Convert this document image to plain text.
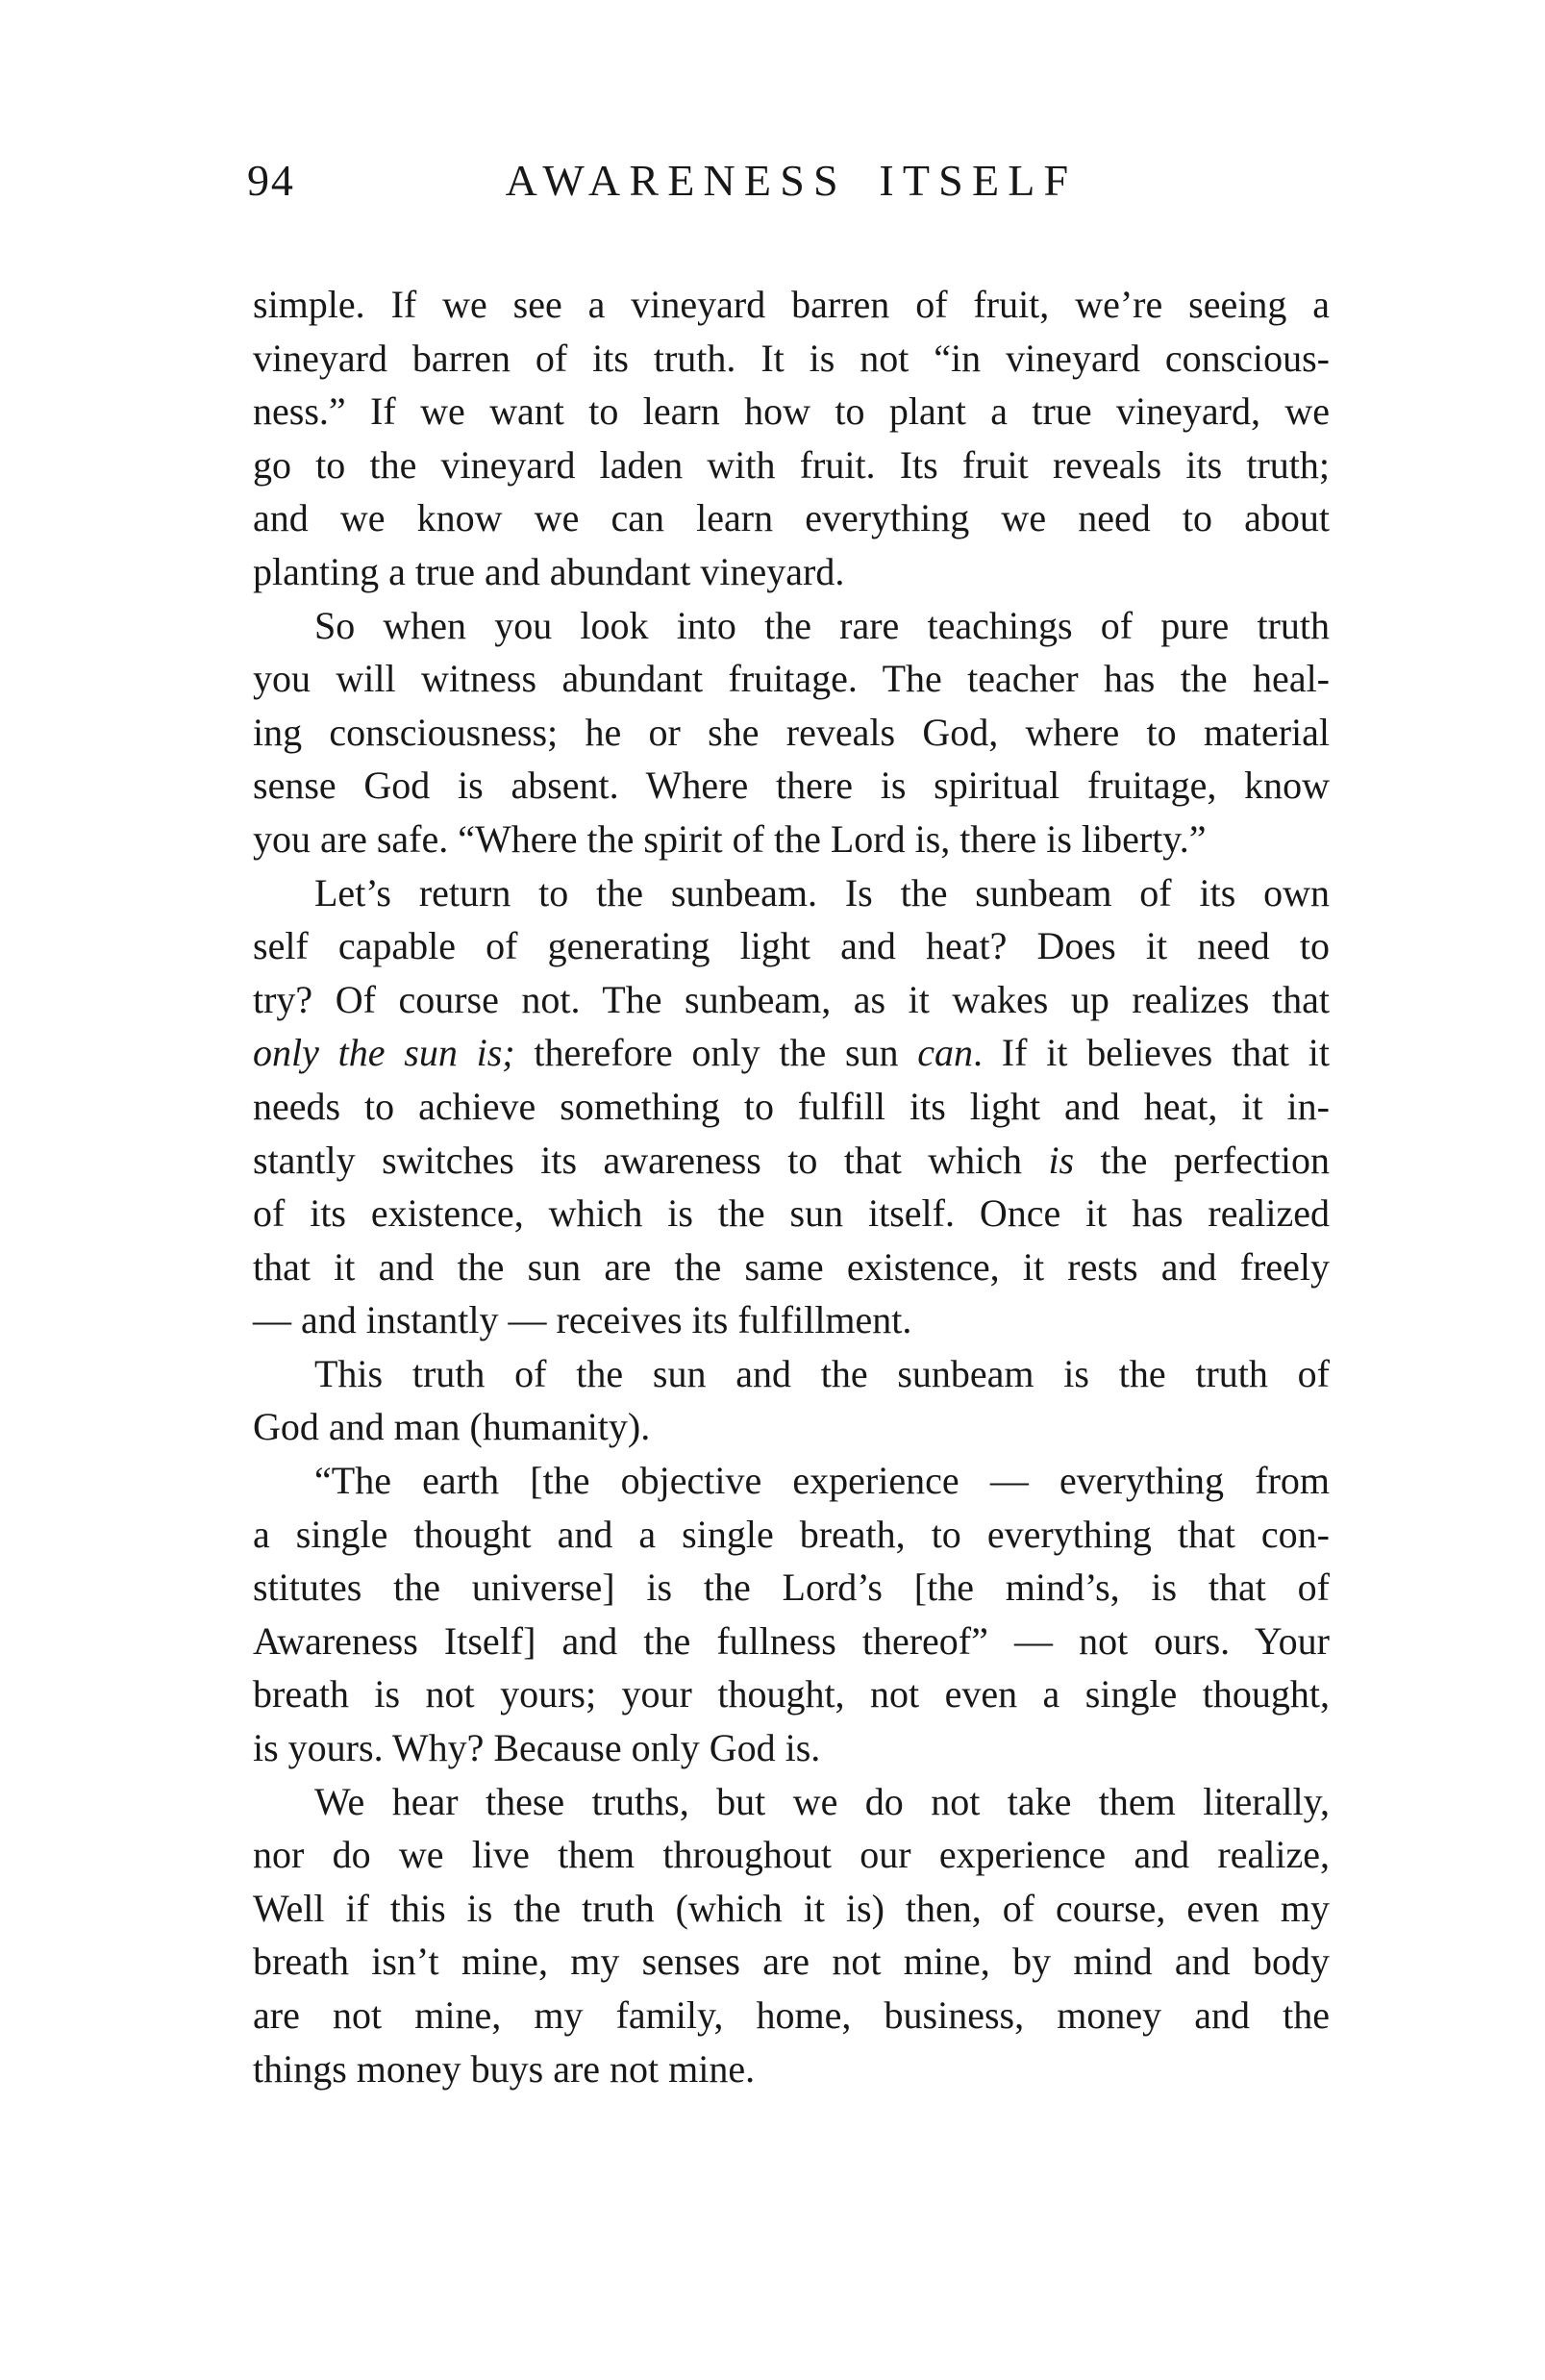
94	AWARENESS ITSELF
simple. If we see a vineyard barren of fruit, we’re seeing a
vineyard barren of its truth. It is not “in vineyard conscious-
ness.” If we want to learn how to plant a true vineyard, we
go to the vineyard laden with fruit. Its fruit reveals its truth;
and we know we can learn everything we need to about
planting a true and abundant vineyard.
So when you look into the rare teachings of pure truth
you will witness abundant fruitage. The teacher has the heal-
ing consciousness; he or she reveals God, where to material
sense God is absent. Where there is spiritual fruitage, know
you are safe. “Where the spirit of the Lord is, there is liberty.”
Let’s return to the sunbeam. Is the sunbeam of its own
self capable of generating light and heat? Does it need to
try? Of course not. The sunbeam, as it wakes up realizes that
only the sun is; therefore only the sun can. If it believes that it
needs to achieve something to fulfill its light and heat, it in-
stantly switches its awareness to that which is the perfection
of its existence, which is the sun itself. Once it has realized
that it and the sun are the same existence, it rests and freely
— and instantly — receives its fulfillment.
This truth of the sun and the sunbeam is the truth of
God and man (humanity).
“The earth [the objective experience — everything from
a single thought and a single breath, to everything that con-
stitutes the universe] is the Lord’s [the mind’s, is that of
Awareness Itself] and the fullness thereof” — not ours. Your
breath is not yours; your thought, not even a single thought,
is yours. Why? Because only God is.
We hear these truths, but we do not take them literally,
nor do we live them throughout our experience and realize,
Well if this is the truth (which it is) then, of course, even my
breath isn’t mine, my senses are not mine, by mind and body
are not mine, my family, home, business, money and the
things money buys are not mine.
